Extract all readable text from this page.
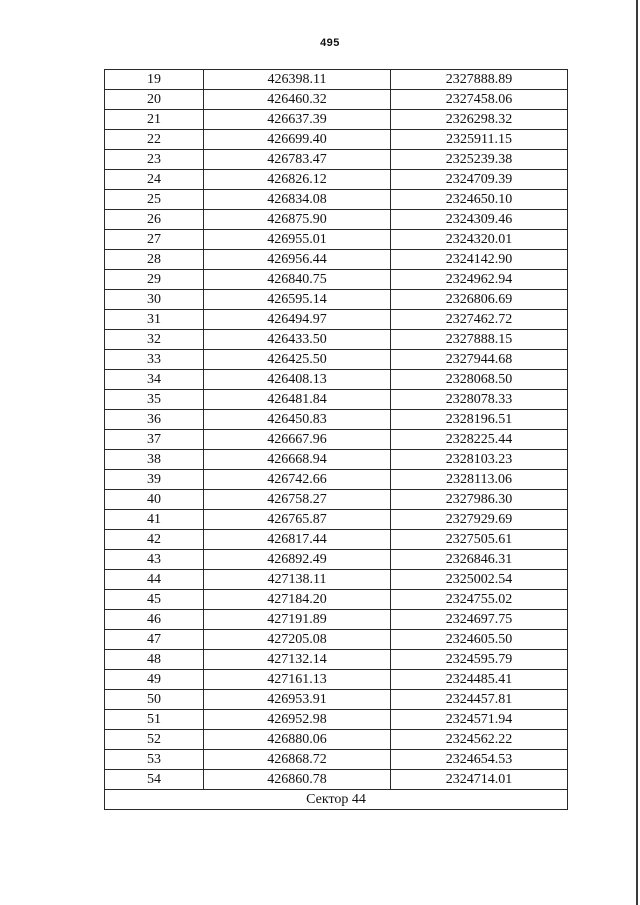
495
19	426398.11	2327888.89
20	426460.32	2327458.06
21	426637.39	2326298.32
22	426699.40	2325911.15
23	426783.47	2325239.38
24	426826.12	2324709.39
25	426834.08	2324650.10
26	426875.90	2324309.46
27	426955.01	2324320.01
28	426956.44	2324142.90
29	426840.75	2324962.94
30	426595.14	2326806.69
31	426494.97	2327462.72
32	426433.50	2327888.15
33	426425.50	2327944.68
34	426408.13	2328068.50
35	426481.84	2328078.33
36	426450.83	2328196.51
37	426667.96	2328225.44
38	426668.94	2328103.23
39	426742.66	2328113.06
40	426758.27	2327986.30
41	426765.87	2327929.69
42	426817.44	2327505.61
43	426892.49	2326846.31
44	427138.11	2325002.54
45	427184.20	2324755.02
46	427191.89	2324697.75
47	427205.08	2324605.50
48	427132.14	2324595.79
49	427161.13	2324485.41
50	426953.91	2324457.81
51	426952.98	2324571.94
52	426880.06	2324562.22
53	426868.72	2324654.53
54	426860.78	2324714.01
Сектор 44		
